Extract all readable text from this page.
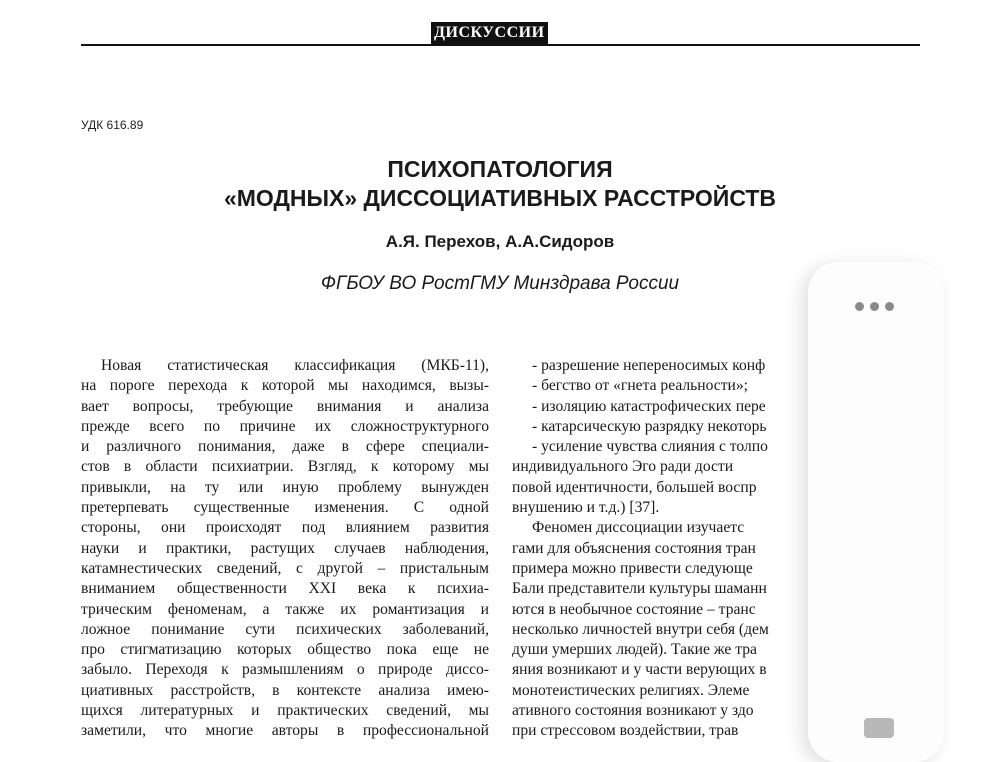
ДИСКУССИИ
УДК 616.89
ПСИХОПАТОЛОГИЯ
«МОДНЫХ» ДИССОЦИАТИВНЫХ РАССТРОЙСТВ
А.Я. Перехов, А.А.Сидоров
ФГБОУ ВО РостГМУ Минздрава России
Новая статистическая классификация (МКБ-11),
на пороге перехода к которой мы находимся, вызы-
вает вопросы, требующие внимания и анализа
прежде всего по причине их сложноструктурного
и различного понимания, даже в сфере специали-
стов в области психиатрии. Взгляд, к которому мы
привыкли, на ту или иную проблему вынужден
претерпевать существенные изменения. С одной
стороны, они происходят под влиянием развития
науки и практики, растущих случаев наблюдения,
катамнестических сведений, с другой – пристальным
вниманием общественности XXI века к психиа-
трическим феноменам, а также их романтизация и
ложное понимание сути психических заболеваний,
про стигматизацию которых общество пока еще не
забыло. Переходя к размышлениям о природе диссо-
циативных расстройств, в контексте анализа имею-
щихся литературных и практических сведений, мы
заметили, что многие авторы в профессиональной
- разрешение непереносимых конф
- бегство от «гнета реальности»;
- изоляцию катастрофических пере
- катарсическую разрядку некоторь
- усиление чувства слияния с толпо
индивидуального Эго ради дости
повой идентичности, большей воспр
внушению и т.д.) [37].
Феномен диссоциации изучаетс
гами для объяснения состояния тран
примера можно привести следующе
Бали представители культуры шаманн
ются в необычное состояние – транс
несколько личностей внутри себя (дем
души умерших людей). Такие же тра
яния возникают и у части верующих в
монотеистических религиях. Элеме
ативного состояния возникают у здо
при стрессовом воздействии, трав
